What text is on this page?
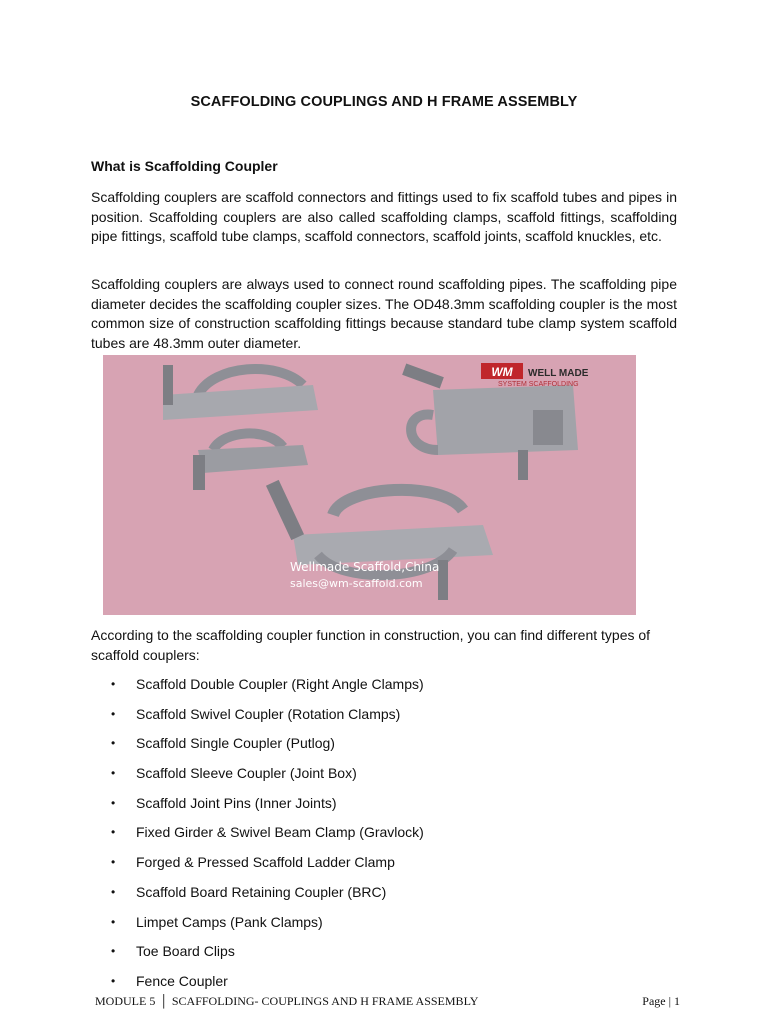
SCAFFOLDING COUPLINGS AND H FRAME ASSEMBLY
What is Scaffolding Coupler

Scaffolding couplers are scaffold connectors and fittings used to fix scaffold tubes and pipes in position. Scaffolding couplers are also called scaffolding clamps, scaffold fittings, scaffolding pipe fittings, scaffold tube clamps, scaffold connectors, scaffold joints, scaffold knuckles, etc.

Scaffolding couplers are always used to connect round scaffolding pipes. The scaffolding pipe diameter decides the scaffolding coupler sizes. The OD48.3mm scaffolding coupler is the most common size of construction scaffolding fittings because standard tube clamp system scaffold tubes are 48.3mm outer diameter.

WM WELL MADE
SYSTEM SCAFFOLDING
Wellmade Scaffold,China
sales@wm-scaffold.com

According to the scaffolding coupler function in construction, you can find different types of scaffold couplers:

• Scaffold Double Coupler (Right Angle Clamps)
• Scaffold Swivel Coupler (Rotation Clamps)
• Scaffold Single Coupler (Putlog)
• Scaffold Sleeve Coupler (Joint Box)
• Scaffold Joint Pins (Inner Joints)
• Fixed Girder & Swivel Beam Clamp (Gravlock)
• Forged & Pressed Scaffold Ladder Clamp
• Scaffold Board Retaining Coupler (BRC)
• Limpet Camps (Pank Clamps)
• Toe Board Clips
• Fence Coupler
MODULE 5 │ SCAFFOLDING- COUPLINGS AND H FRAME ASSEMBLY	Page | 1
